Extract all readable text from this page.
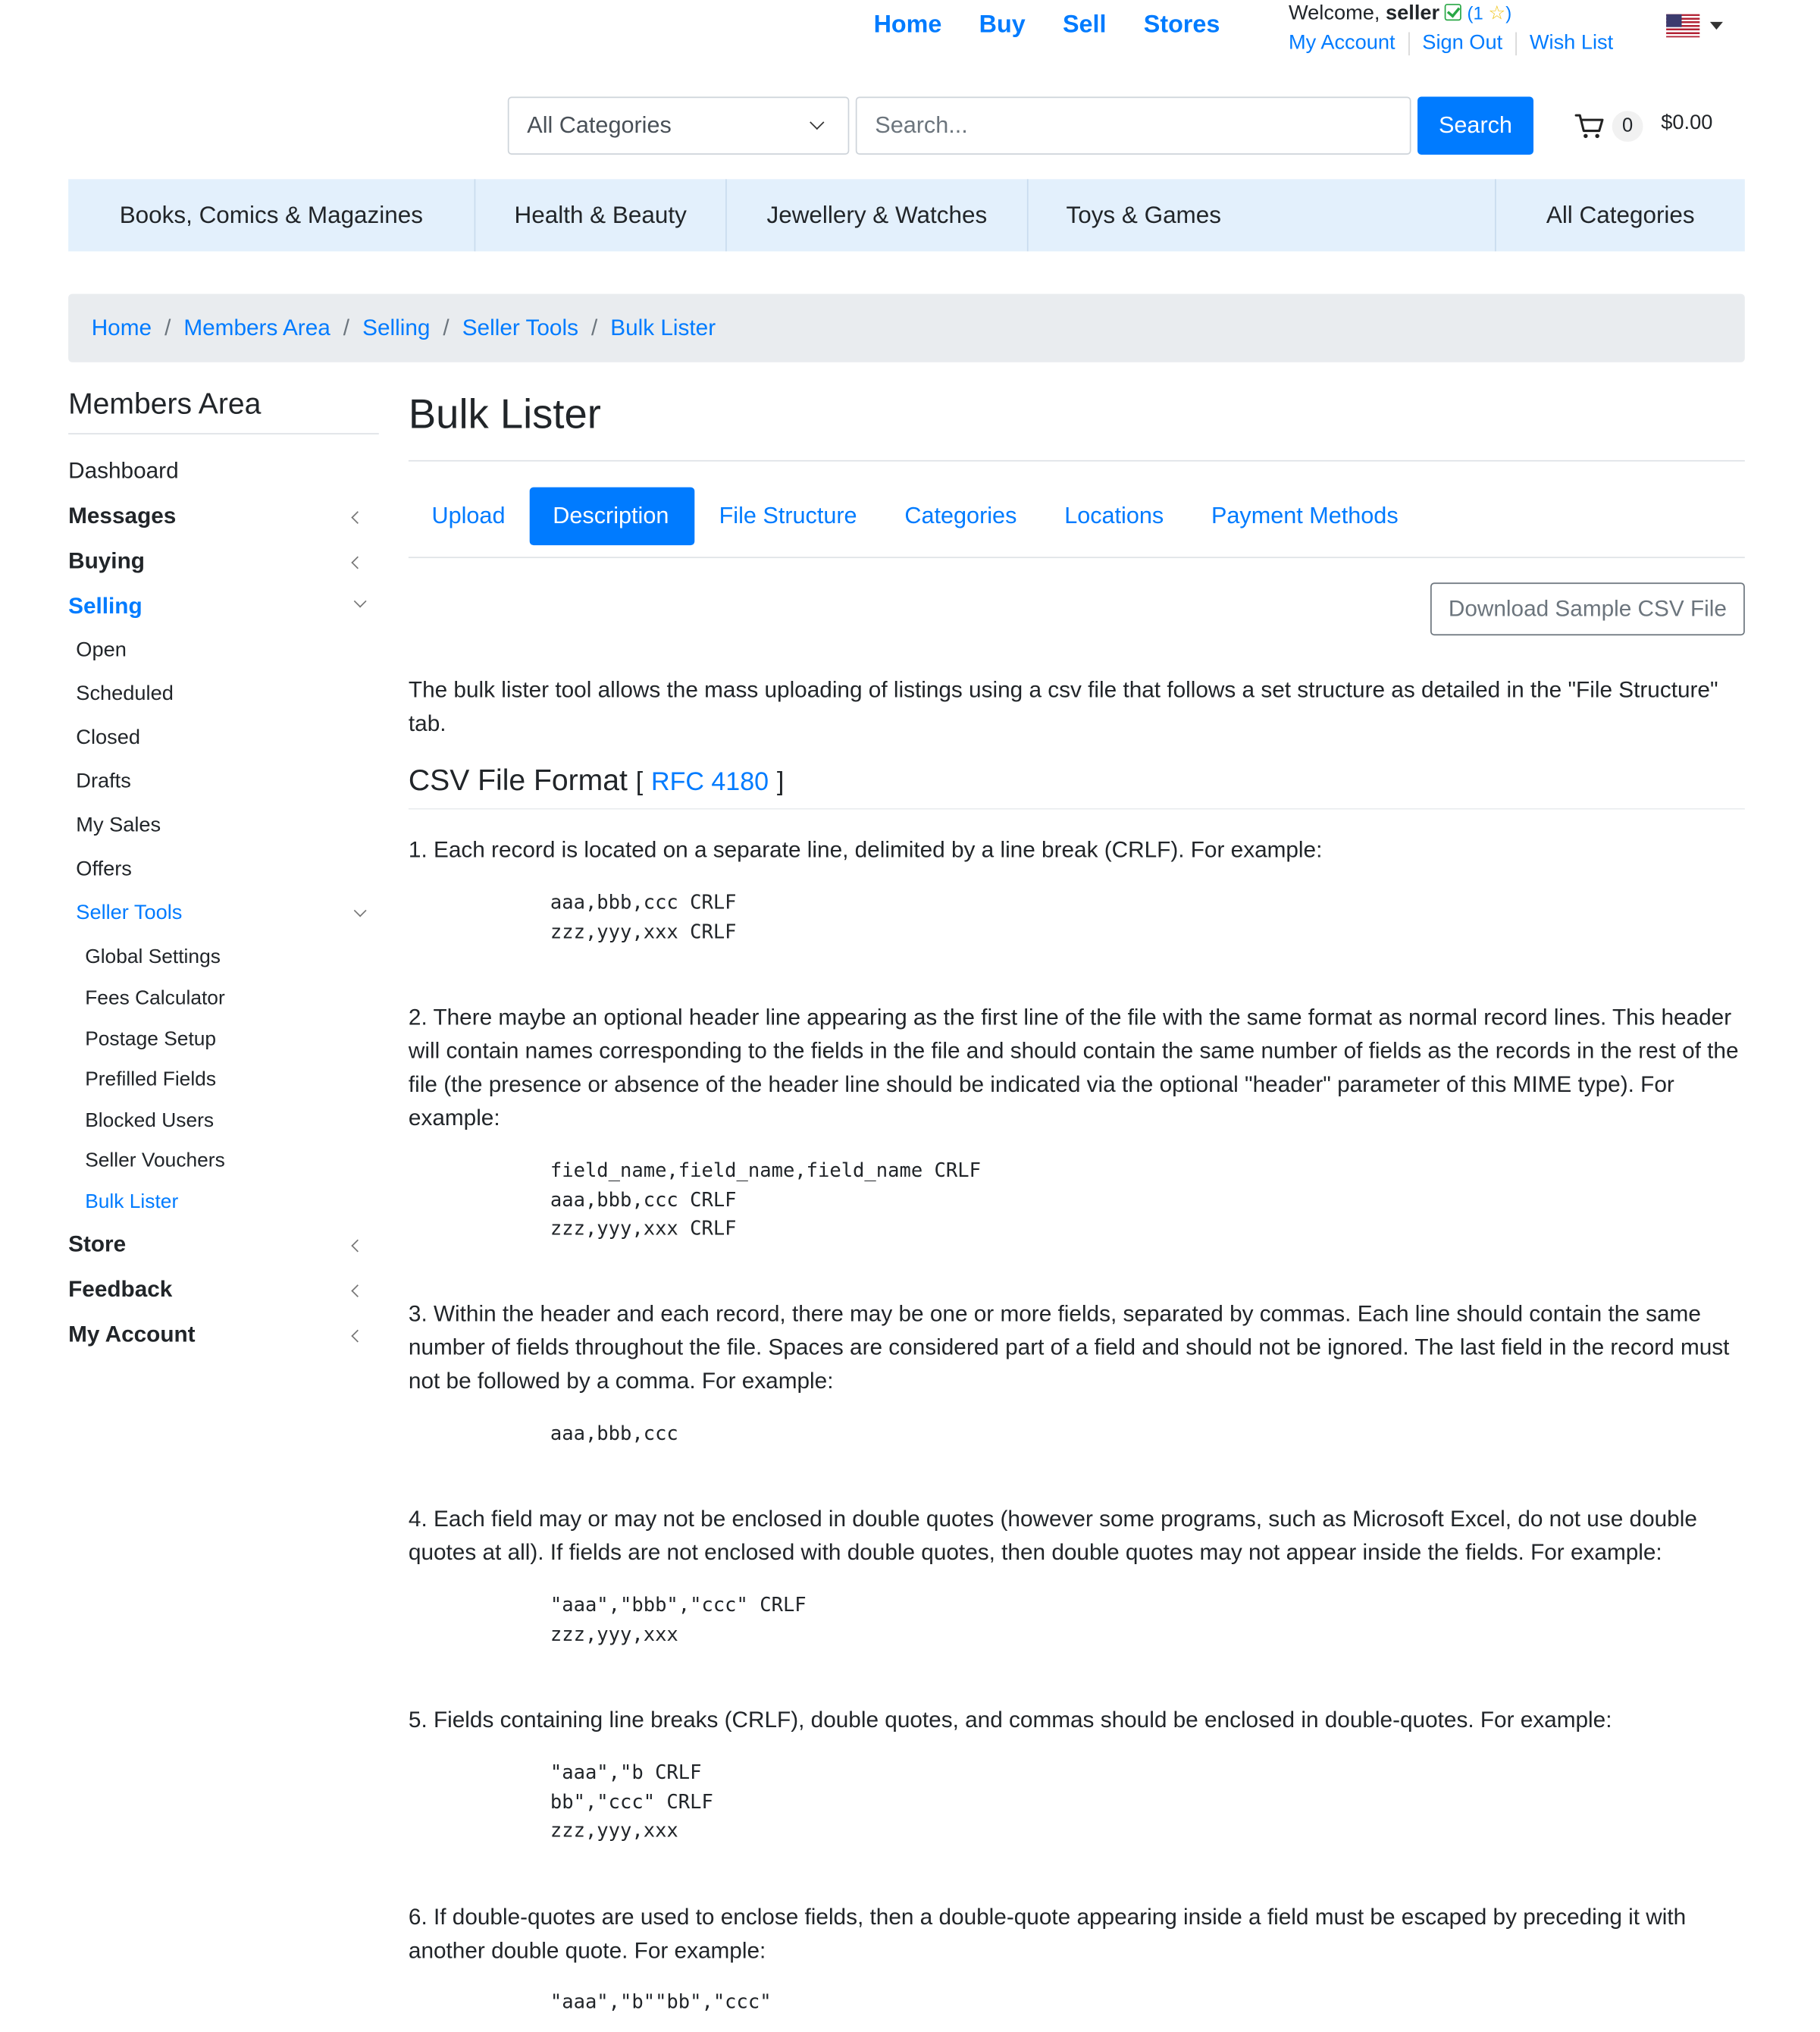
Home	Buy	Sell	Stores	Welcome, seller	(1 ☆)
My Account	Sign Out	Wish List
All Categories
Search...	Search	0	$0.00
Books, Comics & Magazines	Health & Beauty	Jewellery & Watches	Toys & Games	All Categories
Home / Members Area / Selling / Seller Tools / Bulk Lister
Members Area
Dashboard
Messages
Buying
Selling
Open
Scheduled
Closed
Drafts
My Sales
Offers
Seller Tools
Global Settings
Fees Calculator
Postage Setup
Prefilled Fields
Blocked Users
Seller Vouchers
Bulk Lister
Store
Feedback
My Account
Bulk Lister
Upload	Description	File Structure	Categories	Locations	Payment Methods
Download Sample CSV File

The bulk lister tool allows the mass uploading of listings using a csv file that follows a set structure as detailed in the "File Structure" tab.

CSV File Format [ RFC 4180 ]

1. Each record is located on a separate line, delimited by a line break (CRLF). For example:

aaa,bbb,ccc CRLF
zzz,yyy,xxx CRLF

2. There maybe an optional header line appearing as the first line of the file with the same format as normal record lines. This header will contain names corresponding to the fields in the file and should contain the same number of fields as the records in the rest of the file (the presence or absence of the header line should be indicated via the optional "header" parameter of this MIME type). For example:

field_name,field_name,field_name CRLF
aaa,bbb,ccc CRLF
zzz,yyy,xxx CRLF

3. Within the header and each record, there may be one or more fields, separated by commas. Each line should contain the same number of fields throughout the file. Spaces are considered part of a field and should not be ignored. The last field in the record must not be followed by a comma. For example:

aaa,bbb,ccc

4. Each field may or may not be enclosed in double quotes (however some programs, such as Microsoft Excel, do not use double quotes at all). If fields are not enclosed with double quotes, then double quotes may not appear inside the fields. For example:

"aaa","bbb","ccc" CRLF
zzz,yyy,xxx

5. Fields containing line breaks (CRLF), double quotes, and commas should be enclosed in double-quotes. For example:

"aaa","b CRLF
bb","ccc" CRLF
zzz,yyy,xxx

6. If double-quotes are used to enclose fields, then a double-quote appearing inside a field must be escaped by preceding it with another double quote. For example:

"aaa","b""bb","ccc"
